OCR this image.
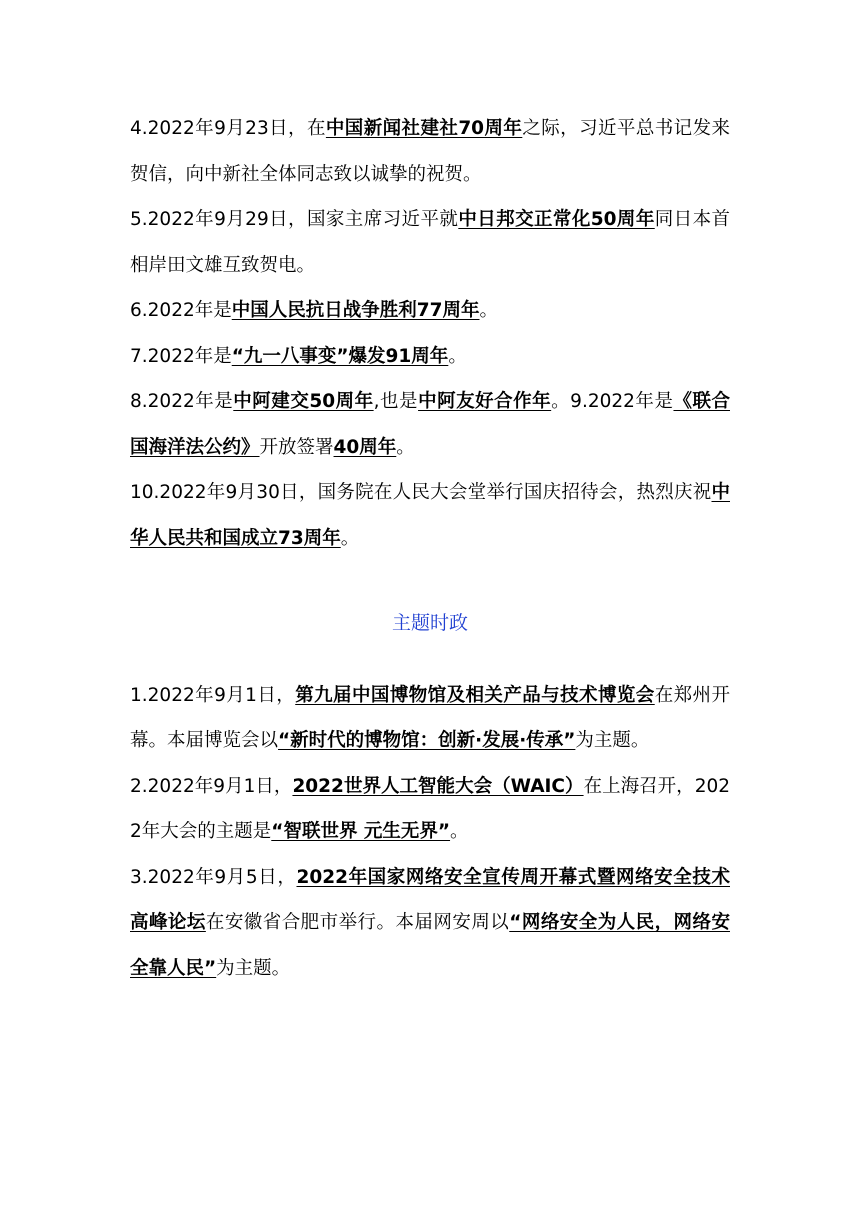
4.2022年9月23日，在中国新闻社建社70周年之际，习近平总书记发来贺信，向中新社全体同志致以诚挚的祝贺。

5.2022年9月29日，国家主席习近平就中日邦交正常化50周年同日本首相岸田文雄互致贺电。

6.2022年是中国人民抗日战争胜利77周年。

7.2022年是“九一八事变”爆发91周年。

8.2022年是中阿建交50周年,也是中阿友好合作年。9.2022年是《联合国海洋法公约》开放签署40周年。

10.2022年9月30日，国务院在人民大会堂举行国庆招待会，热烈庆祝中华人民共和国成立73周年。

主题时政

1.2022年9月1日，第九届中国博物馆及相关产品与技术博览会在郑州开幕。本届博览会以“新时代的博物馆：创新·发展·传承”为主题。

2.2022年9月1日，2022世界人工智能大会（WAIC）在上海召开，2022年大会的主题是“智联世界 元生无界”。

3.2022年9月5日，2022年国家网络安全宣传周开幕式暨网络安全技术高峰论坛在安徽省合肥市举行。本届网安周以“网络安全为人民，网络安全靠人民”为主题。
